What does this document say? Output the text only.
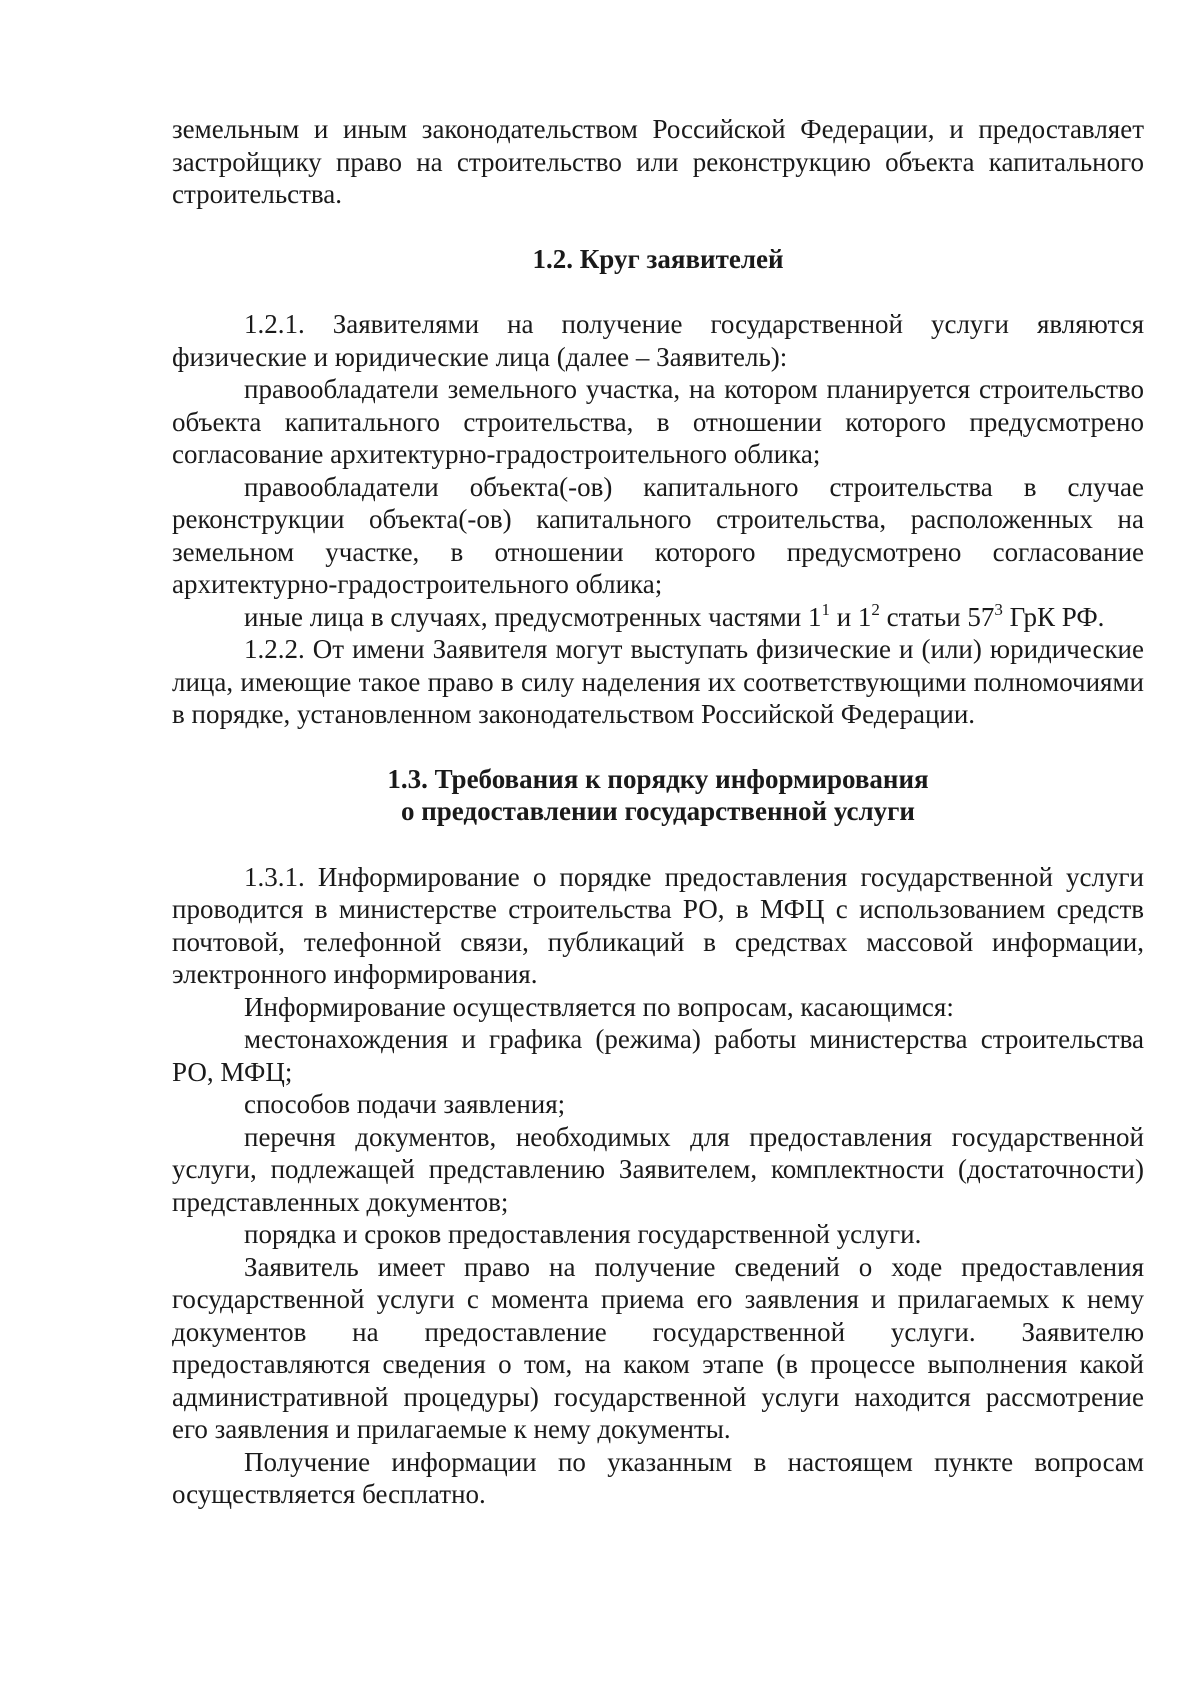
земельным и иным законодательством Российской Федерации, и предоставляет застройщику право на строительство или реконструкцию объекта капитального строительства.

1.2. Круг заявителей

1.2.1. Заявителями на получение государственной услуги являются физические и юридические лица (далее – Заявитель):

правообладатели земельного участка, на котором планируется строительство объекта капитального строительства, в отношении которого предусмотрено согласование архитектурно-градостроительного облика;

правообладатели объекта(-ов) капитального строительства в случае реконструкции объекта(-ов) капитального строительства, расположенных на земельном участке, в отношении которого предусмотрено согласование архитектурно-градостроительного облика;

иные лица в случаях, предусмотренных частями $1^1$ и $1^2$ статьи $57^3$ ГрК РФ.

1.2.2. От имени Заявителя могут выступать физические и (или) юридические лица, имеющие такое право в силу наделения их соответствующими полномочиями в порядке, установленном законодательством Российской Федерации.

1.3. Требования к порядку информирования
о предоставлении государственной услуги

1.3.1. Информирование о порядке предоставления государственной услуги проводится в министерстве строительства РО, в МФЦ с использованием средств почтовой, телефонной связи, публикаций в средствах массовой информации, электронного информирования.

Информирование осуществляется по вопросам, касающимся:

местонахождения и графика (режима) работы министерства строительства РО, МФЦ;

способов подачи заявления;

перечня документов, необходимых для предоставления государственной услуги, подлежащей представлению Заявителем, комплектности (достаточности) представленных документов;

порядка и сроков предоставления государственной услуги.

Заявитель имеет право на получение сведений о ходе предоставления государственной услуги с момента приема его заявления и прилагаемых к нему документов на предоставление государственной услуги. Заявителю предоставляются сведения о том, на каком этапе (в процессе выполнения какой административной процедуры) государственной услуги находится рассмотрение его заявления и прилагаемые к нему документы.

Получение информации по указанным в настоящем пункте вопросам осуществляется бесплатно.
